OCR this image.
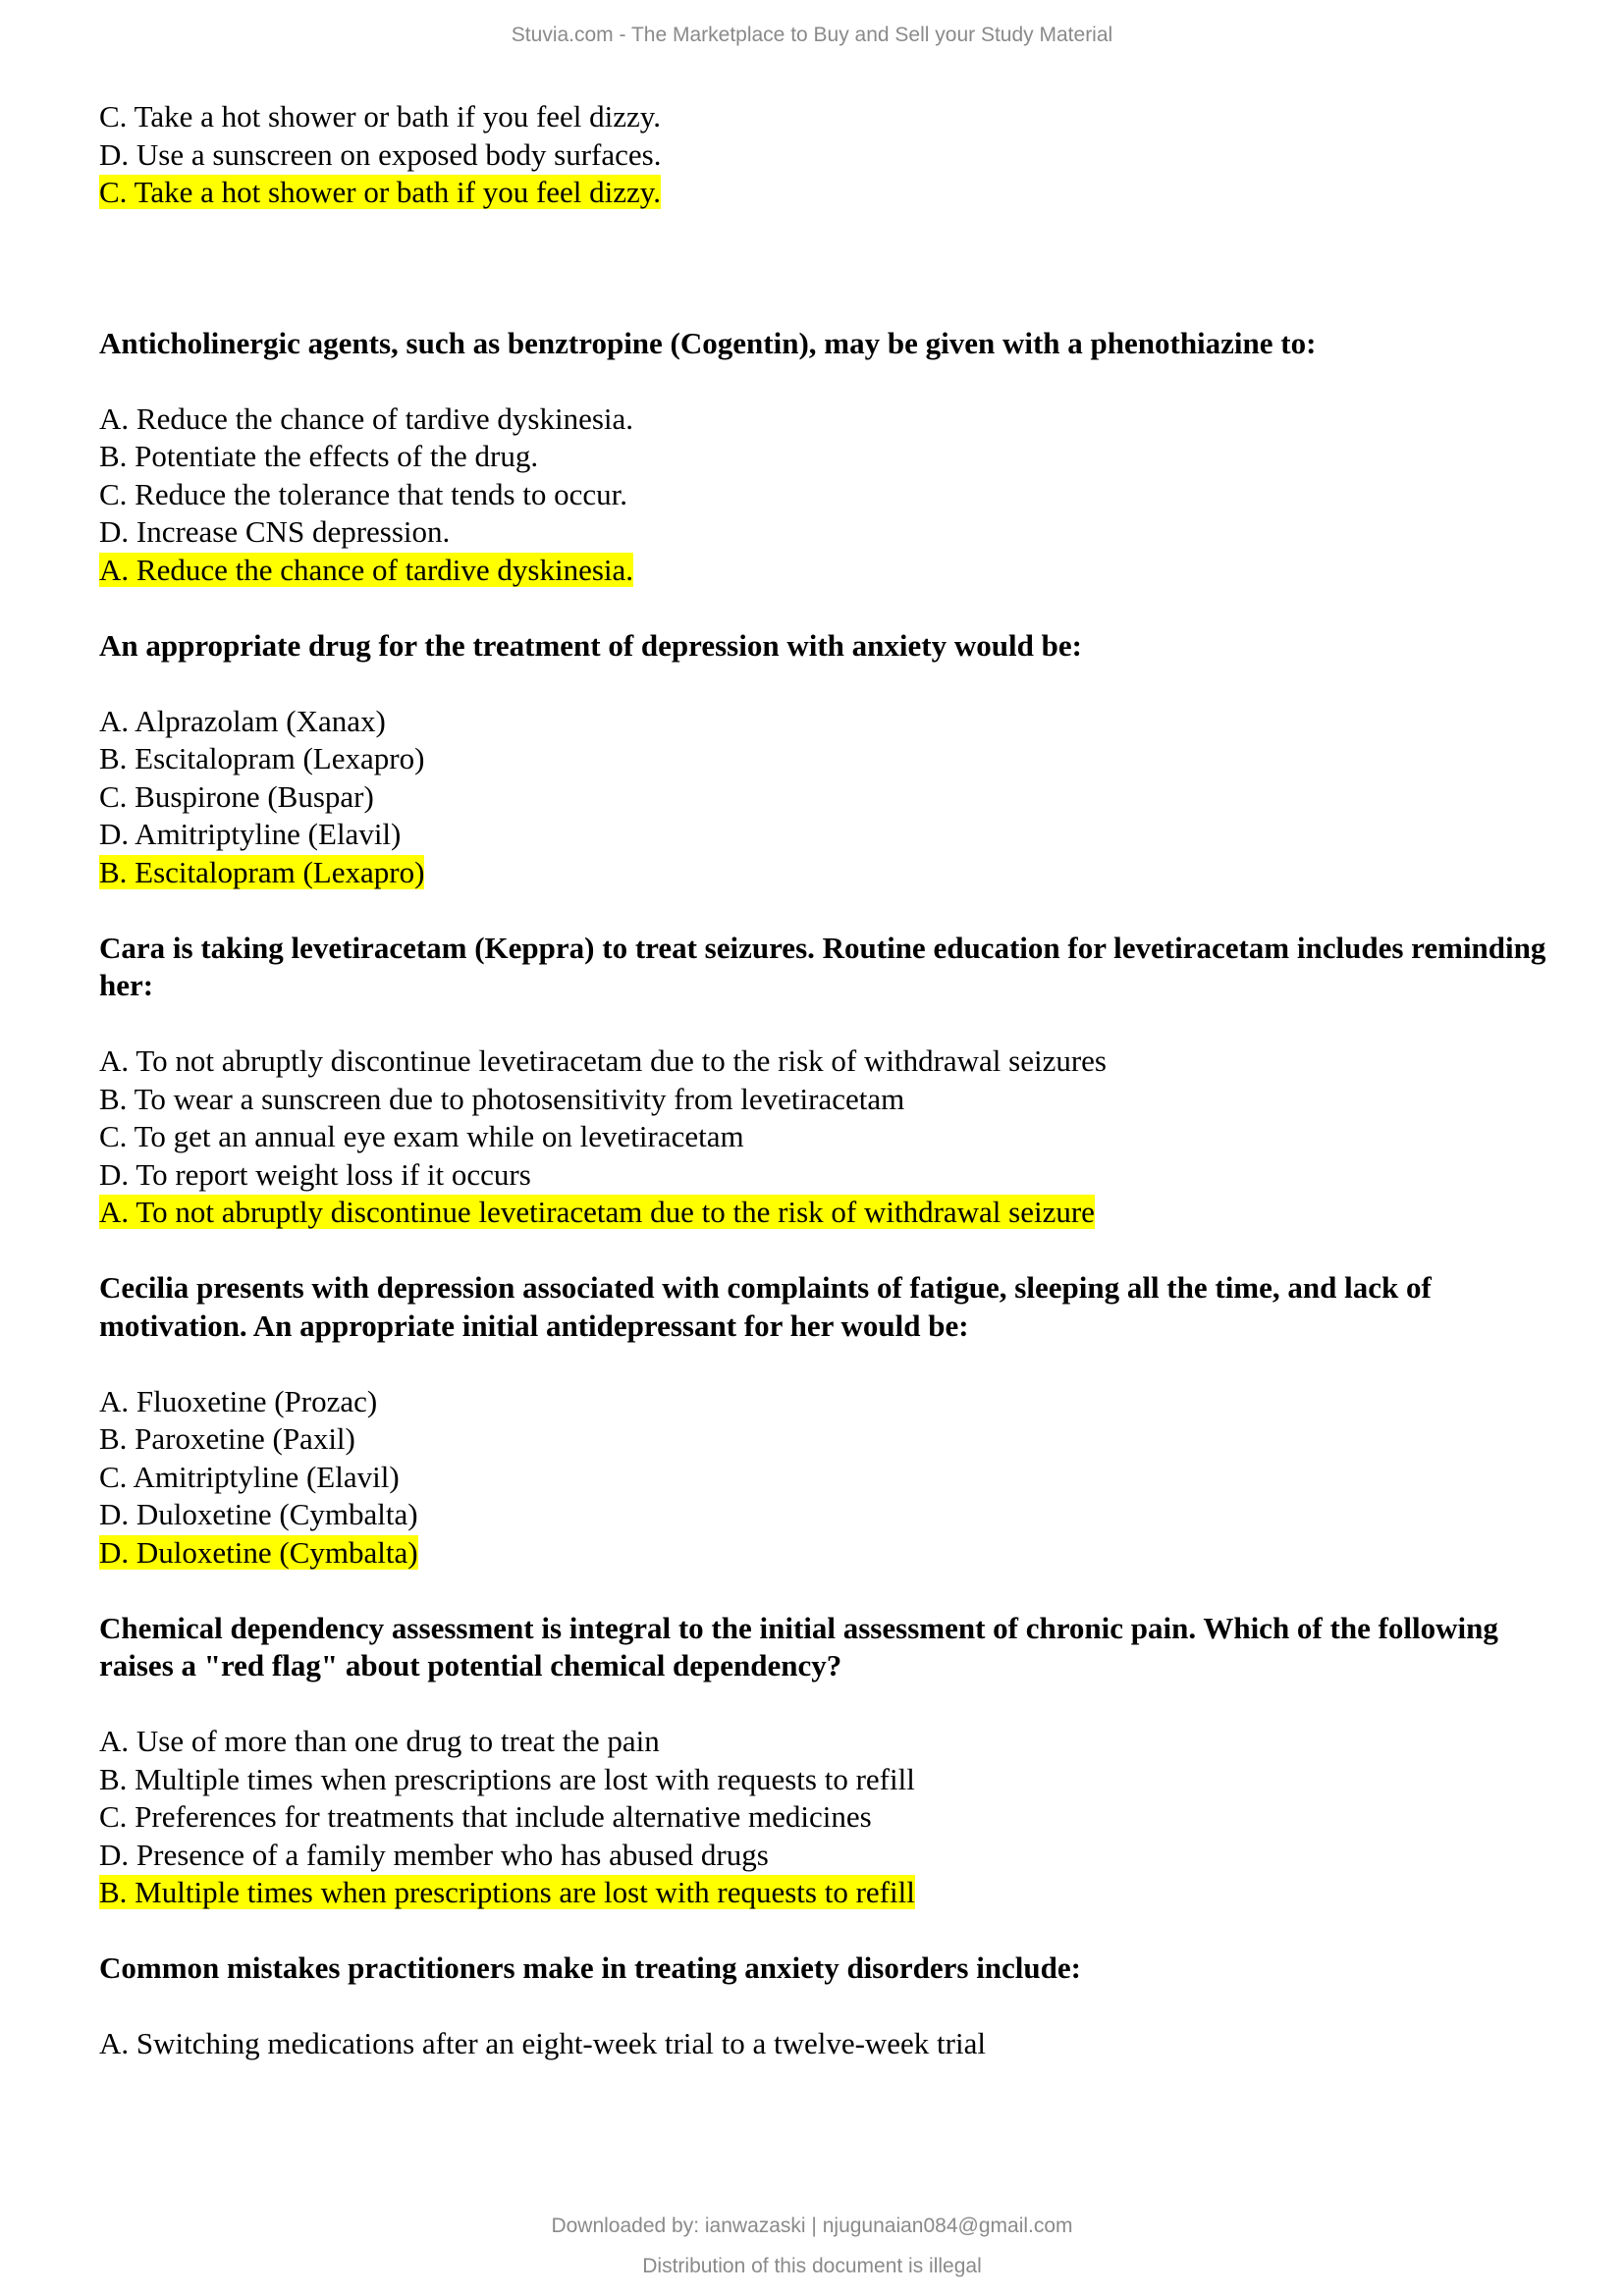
Stuvia.com - The Marketplace to Buy and Sell your Study Material
C. Take a hot shower or bath if you feel dizzy.
D. Use a sunscreen on exposed body surfaces.
C. Take a hot shower or bath if you feel dizzy.
Anticholinergic agents, such as benztropine (Cogentin), may be given with a phenothiazine to:
A. Reduce the chance of tardive dyskinesia.
B. Potentiate the effects of the drug.
C. Reduce the tolerance that tends to occur.
D. Increase CNS depression.
A. Reduce the chance of tardive dyskinesia.
An appropriate drug for the treatment of depression with anxiety would be:
A. Alprazolam (Xanax)
B. Escitalopram (Lexapro)
C. Buspirone (Buspar)
D. Amitriptyline (Elavil)
B. Escitalopram (Lexapro)
Cara is taking levetiracetam (Keppra) to treat seizures. Routine education for levetiracetam includes reminding her:
A. To not abruptly discontinue levetiracetam due to the risk of withdrawal seizures
B. To wear a sunscreen due to photosensitivity from levetiracetam
C. To get an annual eye exam while on levetiracetam
D. To report weight loss if it occurs
A. To not abruptly discontinue levetiracetam due to the risk of withdrawal seizure
Cecilia presents with depression associated with complaints of fatigue, sleeping all the time, and lack of motivation. An appropriate initial antidepressant for her would be:
A. Fluoxetine (Prozac)
B. Paroxetine (Paxil)
C. Amitriptyline (Elavil)
D. Duloxetine (Cymbalta)
D. Duloxetine (Cymbalta)
Chemical dependency assessment is integral to the initial assessment of chronic pain. Which of the following raises a "red flag" about potential chemical dependency?
A. Use of more than one drug to treat the pain
B. Multiple times when prescriptions are lost with requests to refill
C. Preferences for treatments that include alternative medicines
D. Presence of a family member who has abused drugs
B. Multiple times when prescriptions are lost with requests to refill
Common mistakes practitioners make in treating anxiety disorders include:
A. Switching medications after an eight-week trial to a twelve-week trial
Downloaded by: ianwazaski | njugunaian084@gmail.com
Distribution of this document is illegal
